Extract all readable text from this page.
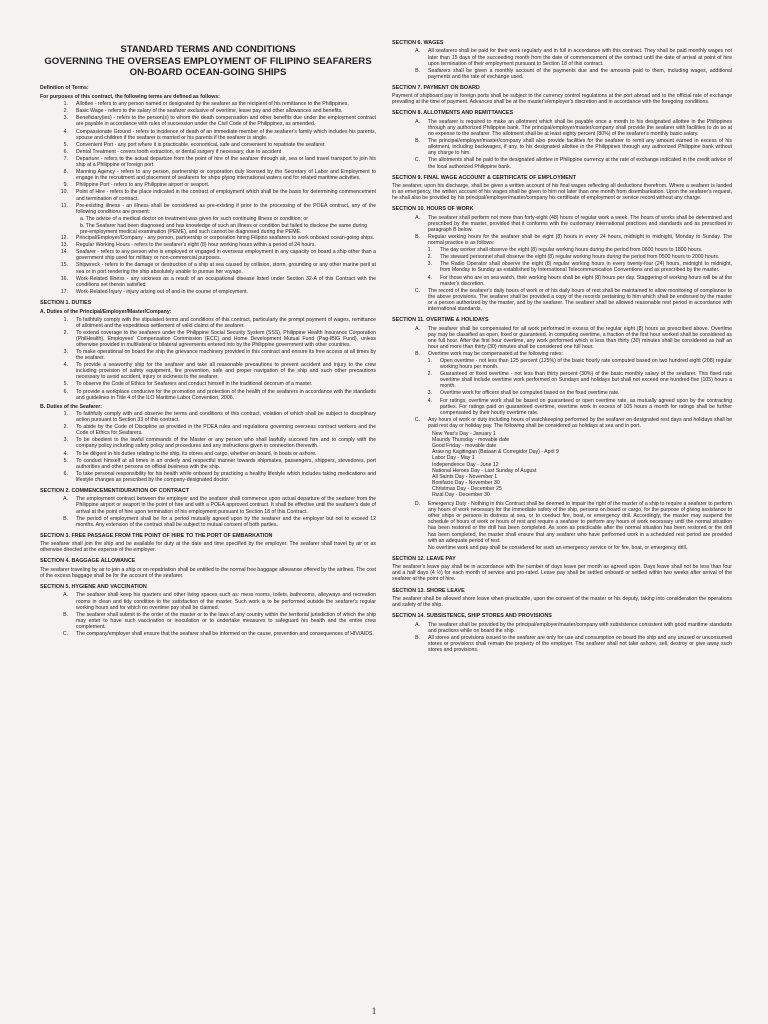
STANDARD TERMS AND CONDITIONS
GOVERNING THE OVERSEAS EMPLOYMENT OF FILIPINO SEAFARERS
ON-BOARD OCEAN-GOING SHIPS
Definition of Terms:
For purposes of this contract, the following terms are defined as follows:
1.	Allottee - refers to any person named or designated by the seafarer as the recipient of his remittance to the Philippines.
2.	Basic Wage - refers to the salary of the seafarer exclusive of overtime, leave pay and other allowances and benefits.
3.	Beneficiary(ies) - refers to the person(s) to whom the death compensation and other benefits due under the employment contract are payable in accordance with rules of succession under the Civil Code of the Philippines, as amended.
4.	Compassionate Ground - refers to incidence of death of an immediate member of the seafarer's family which includes his parents, spouse and children if the seafarer is married or his parents if the seafarer is single.
5.	Convenient Port - any port where it is practicable, economical, safe and convenient to repatriate the seafarer.
6.	Dental Treatment - covers tooth extraction, or dental surgery if necessary, due to accident
7.	Departure - refers to the actual departure from the point of hire of the seafarer through air, sea or land travel transport to join his ship at a Philippine or foreign port
8.	Manning Agency - refers to any person, partnership or corporation duly licensed by the Secretary of Labor and Employment to engage in the recruitment and placement of seafarers for ships plying international waters and for related maritime activities.
9.	Philippine Port - refers to any Philippine airport or seaport.
10.	Point of Hire - refers to the place indicated in the contract of employment which shall be the basis for determining commencement and termination of contract.
11.	Pre-existing illness - an illness shall be considered as pre-existing if prior to the processing of the POEA contract, any of the following conditions are present:
a. The advice of a medical doctor on treatment was given for such continuing illness or condition; or
b. The Seafarer had been diagnosed and has knowledge of such an illness or condition but failed to disclose the same during pre-employment medical examination (PEME), and such cannot be diagnosed during the PEME.
12.	Principal/Employer/Company - any person, partnership or corporation hiring Filipino seafarers to work onboard ocean-going ships.
13.	Regular Working Hours - refers to the seafarer's eight (8) hour working hours within a period of 24 hours.
14.	Seafarer - refers to any person who is employed or engaged in overseas employment in any capacity on board a ship other than a government ship used for military or non-commercial purposes.
15.	Shipwreck - refers to the damage or destruction of a ship at sea caused by collision, storm, grounding or any other marine peril at sea or in port rendering the ship absolutely unable to pursue her voyage.
16.	Work-Related Illness - any sickness as a result of an occupational disease listed under Section 32-A of this Contract with the conditions set therein satisfied
17.	Work-Related Injury - injury arising out of and in the course of employment.
SECTION 1. DUTIES
A. Duties of the Principal/Employer/Master/Company:
1.	To faithfully comply with the stipulated terms and conditions of this contract, particularly the prompt payment of wages, remittance of allotment and the expeditious settlement of valid claims of the seafarer.
2.	To extend coverage to the seafarers under the Philippine Social Security System (SSS), Philippine Health Insurance Corporation (PhilHealth), Employees' Compensation Commission (ECC) and Home Development Mutual Fund (Pag-IBIG Fund), unless otherwise provided in multilateral or bilateral agreements entered into by the Philippine government with other countries.
3.	To make operational on board the ship the grievance machinery provided in this contract and ensure its free access at all times by the seafarer.
4.	To provide a seaworthy ship for the seafarer and take all reasonable precautions to prevent accident and injury to the crew including provision of safety equipment, fire prevention, safe and proper navigation of the ship and such other precautions necessary to avoid accident, injury or sickness to the seafarer.
5.	To observe the Code of Ethics for Seafarers and conduct himself in the traditional decorum of a master.
6.	To provide a workplace conducive for the promotion and protection of the health of the seafarers in accordance with the standards and guidelines in Title 4 of the ILO Maritime Labor Convention, 2006.
B. Duties of the Seafarer:
1.	To faithfully comply with and observe the terms and conditions of this contract, violation of which shall be subject to disciplinary action pursuant to Section 33 of this contract.
2.	To abide by the Code of Discipline as provided in the POEA rules and regulations governing overseas contract workers and the Code of Ethics for Seafarers.
3.	To be obedient to the lawful commands of the Master or any person who shall lawfully succeed him and to comply with the company policy including safety policy and procedures and any instructions given in connection therewith.
4.	To be diligent in his duties relating to the ship, its stores and cargo, whether on board, in boats or ashore.
5.	To conduct himself at all times in an orderly and respectful manner towards shipmates, passengers, shippers, stevedores, port authorities and other persons on official business with the ship.
6.	To take personal responsibility for his health while onboard by practicing a healthy lifestyle which includes taking medications and lifestyle changes as prescribed by the company-designated doctor.
SECTION 2. COMMENCEMENT/DURATION OF CONTRACT
A.	The employment contract between the employer and the seafarer shall commence upon actual departure of the seafarer from the Philippine airport or seaport in the point of hire and with a POEA approved contract. It shall be effective until the seafarer's date of arrival at the point of hire upon termination of his employment pursuant to Section 18 of this Contract.
B.	The period of employment shall be for a period mutually agreed upon by the seafarer and the employer but not to exceed 12 months. Any extension of the contract shall be subject to mutual consent of both parties.
SECTION 3. FREE PASSAGE FROM THE POINT OF HIRE TO THE PORT OF EMBARKATION
The seafarer shall join the ship and be available for duty at the date and time specified by the employer. The seafarer shall travel by air or as otherwise directed at the expense of the employer.
SECTION 4. BAGGAGE ALLOWANCE
The seafarer traveling by air to join a ship or on repatriation shall be entitled to the normal free baggage allowance offered by the airlines. The cost of the excess baggage shall be for the account of the seafarer.
SECTION 5. HYGIENE AND VACCINATION
A.	The seafarer shall keep his quarters and other living spaces such as: mess rooms, toilets, bathrooms, alleyways and recreation rooms in clean and tidy condition to the satisfaction of the master. Such work is to be performed outside the seafarer's regular working hours and for which no overtime pay shall be claimed.
B.	The seafarer shall submit to the order of the master or to the laws of any country within the territorial jurisdiction of which the ship may enter to have such vaccination or inoculation or to undertake measures to safeguard his health and the entire crew complement.
C.	The company/employer shall ensure that the seafarer shall be informed on the cause, prevention and consequences of HIV/AIDS.
SECTION 6. WAGES
A.	All seafarers shall be paid for their work regularly and in full in accordance with this contract. They shall be paid monthly wages not later than 15 days of the succeeding month from the date of commencement of the contract until the date of arrival at point of hire upon termination of their employment pursuant to Section 18 of this contract.
B.	Seafarers shall be given a monthly account of the payments due and the amounts paid to them, including wages, additional payments and the rate of exchange used.
SECTION 7. PAYMENT ON BOARD
Payment of shipboard pay in foreign ports shall be subject to the currency control regulations at the port abroad and to the official rate of exchange prevailing at the time of payment. Advances shall be at the master's/employer's discretion and in accordance with the foregoing conditions.
SECTION 8. ALLOTMENTS AND REMITTANCES
A.	The seafarer is required to make an allotment which shall be payable once a month to his designated allottee in the Philippines through any authorized Philippine bank. The principal/employer/master/company shall provide the seafarer with facilities to do so at no expense to the seafarer. The allotment shall be at least eighty percent (80%) of the seafarer's monthly basic salary.
B.	The principal/employer/master/company shall also provide facilities for the seafarer to remit any amount earned in excess of his allotment, including backwages, if any, to his designated allottee in the Philippines through any authorized Philippine bank without any charge to him.
C.	The allotments shall be paid to the designated allottee in Philippine currency at the rate of exchange indicated in the credit advice of the local authorized Philippine bank.
SECTION 9. FINAL WAGE ACCOUNT & CERTIFICATE OF EMPLOYMENT
The seafarer, upon his discharge, shall be given a written account of his final wages reflecting all deductions therefrom. Where a seafarer is landed in an emergency, the written account of his wages shall be given to him not later than one month from disembarkation. Upon the seafarer's request, he shall also be provided by his principal/employer/master/company his certificate of employment or service record without any charge.
SECTION 10. HOURS OF WORK
A.	The seafarer shall perform not more than forty-eight (48) hours of regular work a week. The hours of works shall be determined and prescribed by the master, provided that it conforms with the customary international practices and standards and as prescribed in paragraph B below.
B.	Regular working hours for the seafarer shall be eight (8) hours in every 24 hours, midnight to midnight, Monday to Sunday. The normal practice is as follows:
1.	The day worker shall observe the eight (8) regular working hours during the period from 0600 hours to 1800 hours.
2.	The steward personnel shall observe the eight (8) regular working hours during the period from 0500 hours to 2000 hours.
3.	The Radio Operator shall observe the eight (8) regular working hours in every twenty-four (24) hours, midnight to midnight, from Monday to Sunday as established by International Telecommunication Conventions and as prescribed by the master.
4.	For those who are on sea watch, their working hours shall be eight (8) hours per day. Staggering of working hours will be at the master's discretion.
C.	The record of the seafarer's daily hours of work or of his daily hours of rest shall be maintained to allow monitoring of compliance to the above provisions. The seafarer shall be provided a copy of the records pertaining to him which shall be endorsed by the master or a person authorized by the master, and by the seafarer. The seafarer shall be allowed reasonable rest period in accordance with international standards.
SECTION 11. OVERTIME & HOLIDAYS
A.	The seafarer shall be compensated for all work performed in excess of the regular eight (8) hours as prescribed above. Overtime pay may be classified as open, fixed or guaranteed. In computing overtime, a fraction of the first hour worked shall be considered as one full hour. After the first hour overtime, any work performed which is less than thirty (30) minutes shall be considered as half an hour and more than thirty (30) minutes shall be considered one full hour.
B.	Overtime work may be compensated at the following rates:
1.	Open overtime - not less than 125 percent (125%) of the basic hourly rate computed based on two hundred eight (208) regular working hours per month.
2.	Guaranteed or fixed overtime - not less than thirty percent (30%) of the basic monthly salary of the seafarer. This fixed rate overtime shall include overtime work performed on Sundays and holidays but shall not exceed one hundred five (105) hours a month.
3.	Overtime work for officers shall be computed based on the fixed overtime rate.
4.	For ratings, overtime work shall be based on guaranteed or open overtime rate, as mutually agreed upon by the contracting parties. For ratings paid on guaranteed overtime, overtime work in excess of 105 hours a month for ratings shall be further compensated by their hourly overtime rate.
C.	Any hours of work or duty including hours of watchkeeping performed by the seafarer on designated rest days and holidays shall be paid rest day or holiday pay. The following shall be considered as holidays at sea and in port.
New Year's Day - January 1
Maundy Thursday - movable date
Good Friday - movable date
Araw ng Kagitingan (Bataan & Corregidor Day) - April 9
Labor Day - May 1
Independence Day - June 12
National Heroes Day - Last Sunday of August
All Saints Day - November 1
Bonifacio Day - November 30
Christmas Day - December 25
Rizal Day - December 30
D.	Emergency Duty - Nothing in this Contract shall be deemed to impair the right of the master of a ship to require a seafarer to perform any hours of work necessary for the immediate safety of the ship, persons on board or cargo, for the purpose of giving assistance to other ships or persons in distress at sea, or to conduct fire, boat, or emergency drill. Accordingly, the master may suspend the schedule of hours of work or hours of rest and require a seafarer to perform any hours of work necessary until the normal situation has been restored or the drill has been completed. As soon as practicable after the normal situation has been restored or the drill has been completed, the master shall ensure that any seafarer who have performed work in a scheduled rest period are provided with an adequate period of rest.
No overtime work and pay shall be considered for such an emergency service or for fire, boat, or emergency drill.
SECTION 12. LEAVE PAY
The seafarer's leave pay shall be in accordance with the number of days leave per month as agreed upon. Days leave shall not be less than four and a half days (4 ½) for each month of service and pro-rated. Leave pay shall be settled onboard or settled within two weeks after arrival of the seafarer at the point of hire.
SECTION 13. SHORE LEAVE
The seafarer shall be allowed shore leave when practicable, upon the consent of the master or his deputy, taking into consideration the operations and safety of the ship.
SECTION 14. SUBSISTENCE, SHIP STORES AND PROVISIONS
A.	The seafarer shall be provided by the principal/employer/master/company with subsistence consistent with good maritime standards and practices while on board the ship.
B.	All stores and provisions issued to the seafarer are only for use and consumption on board the ship and any unused or unconsumed stores or provisions shall remain the property of the employer. The seafarer shall not take ashore, sell, destroy or give away such stores and provisions.
1
